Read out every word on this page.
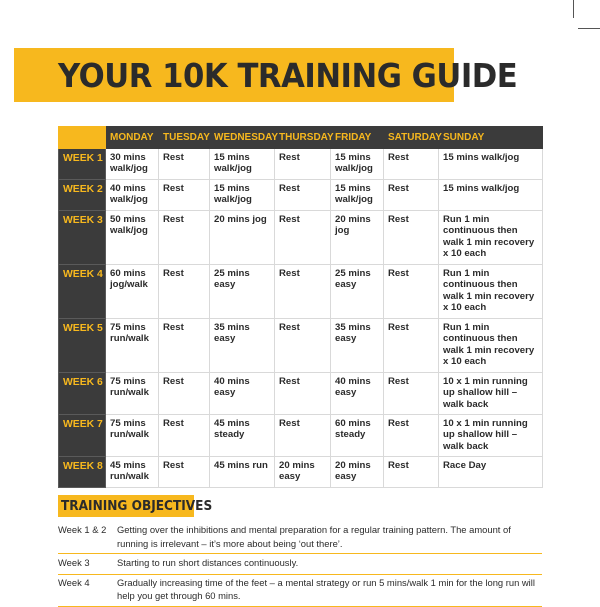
YOUR 10K TRAINING GUIDE
	MONDAY	TUESDAY	WEDNESDAY	THURSDAY	FRIDAY	SATURDAY	SUNDAY
WEEK 1	30 mins walk/jog	Rest	15 mins walk/jog	Rest	15 mins walk/jog	Rest	15 mins walk/jog
WEEK 2	40 mins walk/jog	Rest	15 mins walk/jog	Rest	15 mins walk/jog	Rest	15 mins walk/jog
WEEK 3	50 mins walk/jog	Rest	20 mins jog	Rest	20 mins jog	Rest	Run 1 min continuous then walk 1 min recovery x 10 each
WEEK 4	60 mins jog/walk	Rest	25 mins easy	Rest	25 mins easy	Rest	Run 1 min continuous then walk 1 min recovery x 10 each
WEEK 5	75 mins run/walk	Rest	35 mins easy	Rest	35 mins easy	Rest	Run 1 min continuous then walk 1 min recovery x 10 each
WEEK 6	75 mins run/walk	Rest	40 mins easy	Rest	40 mins easy	Rest	10 x 1 min running up shallow hill – walk back
WEEK 7	75 mins run/walk	Rest	45 mins steady	Rest	60 mins steady	Rest	10 x 1 min running up shallow hill – walk back
WEEK 8	45 mins run/walk	Rest	45 mins run	20 mins easy	20 mins easy	Rest	Race Day
TRAINING OBJECTIVES
Week 1 & 2	Getting over the inhibitions and mental preparation for a regular training pattern. The amount of running is irrelevant – it’s more about being ‘out there’.
Week 3	Starting to run short distances continuously.
Week 4	Gradually increasing time of the feet – a mental strategy or run 5 mins/walk 1 min for the long run will help you get through 60 mins.
